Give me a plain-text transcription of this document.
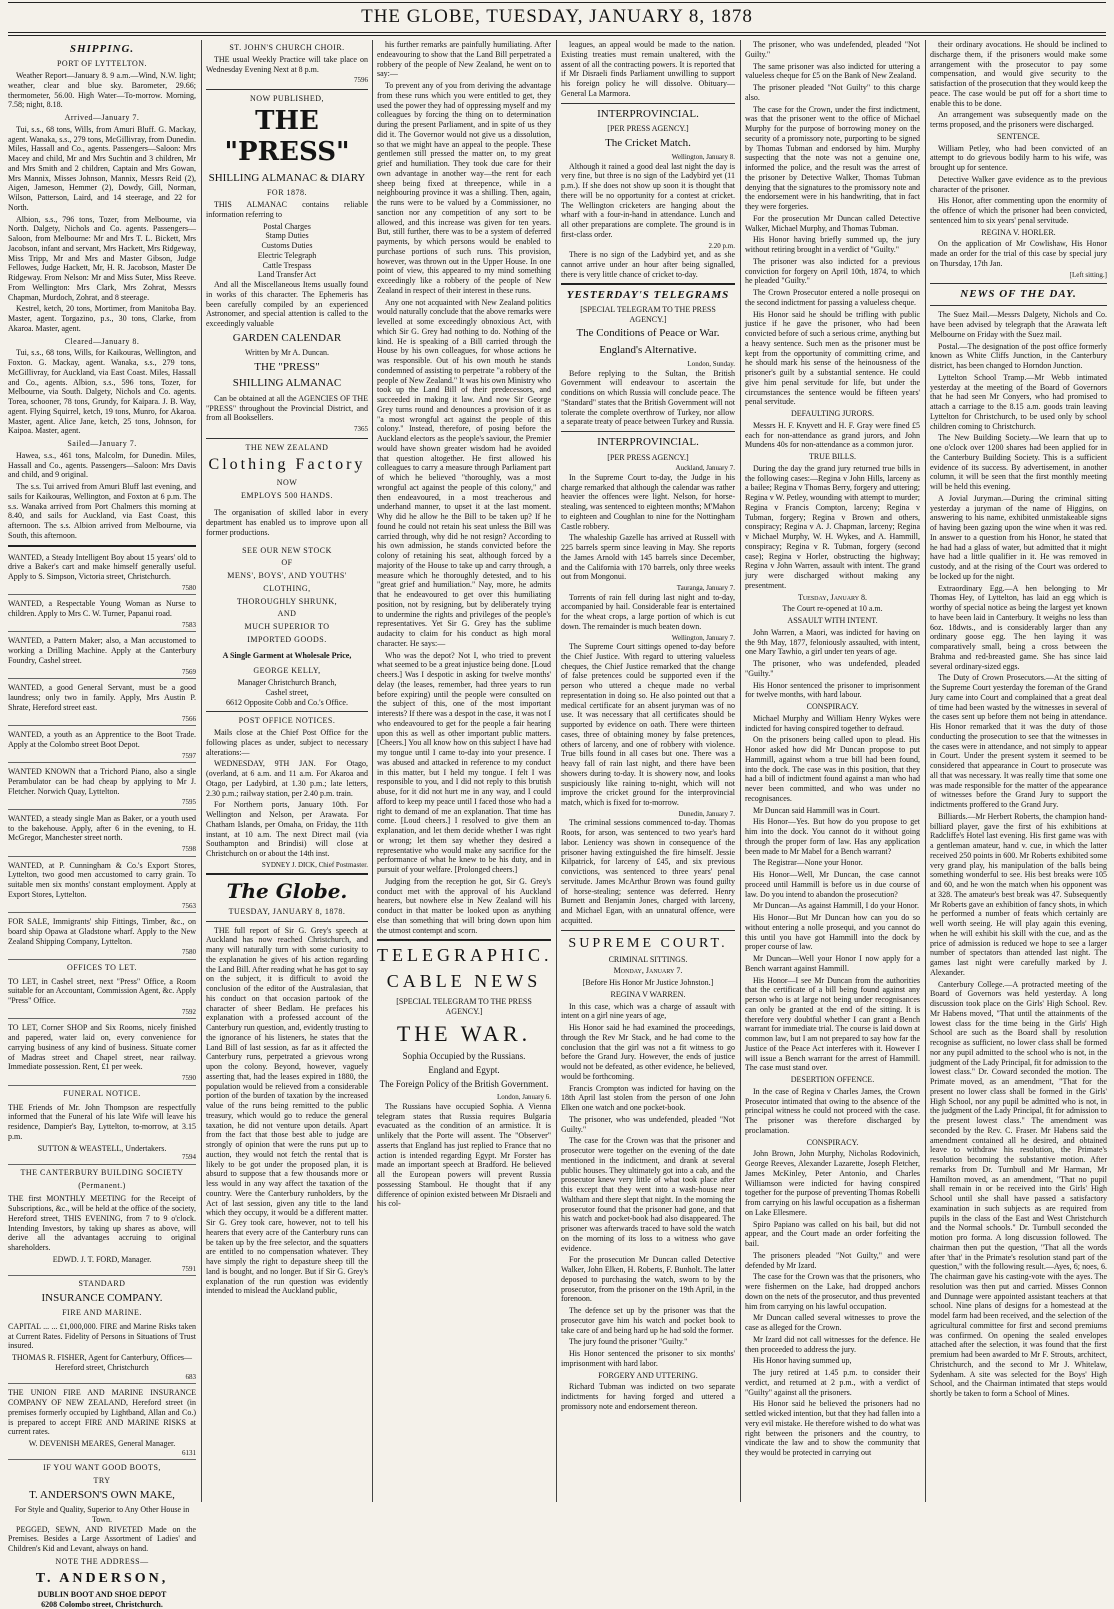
THE GLOBE, TUESDAY, JANUARY 8, 1878
SHIPPING.
PORT OF LYTTELTON.

Weather Report—January 8. 9 a.m.—Wind, N.W. light; weather, clear and blue sky. Barometer, 29.66; thermometer, 56.00. High Water—To-morrow. Morning, 7.58; night, 8.18.

Arrived—January 7.

Tui, s.s., 68 tons, Wills, from Amuri Bluff. G. Mackay, agent. Wanaka, s.s., 279 tons, McGillivray, from Dunedin. Miles, Hassall and Co., agents. Passengers—Saloon: Mrs Macey and child, Mr and Mrs Suchtin and 3 children, Mr and Mrs Smith and 2 children, Captain and Mrs Gowan, Mrs Mannix, Misses Johnson, Mannix, Messrs Reid (2), Aigen, Jameson, Hemmer (2), Dowdy, Gill, Norman, Wilson, Patterson, Laird, and 14 steerage, and 22 for North.

Albion, s.s., 796 tons, Tozer, from Melbourne, via North. Dalgety, Nichols and Co. agents. Passengers—Saloon, from Melbourne: Mr and Mrs T. L. Bickett, Mrs Jacobson, infant and servant, Mrs Hackett, Mrs Ridgeway, Miss Tripp, Mr and Mrs and Master Gibson, Judge Fellowes, Judge Hackett, Mr, H. R. Jacobson, Master De Ridgeway. From Nelson: Mr and Miss Suter, Miss Reeve. From Wellington: Mrs Clark, Mrs Zohrat, Messrs Chapman, Murdoch, Zohrat, and 8 steerage.

Kestrel, ketch, 20 tons, Mortimer, from Manitoba Bay. Master, agent. Torgazino, p.s., 30 tons, Clarke, from Akaroa. Master, agent.

Cleared—January 8.

Tui, s.s., 68 tons, Wills, for Kaikouras, Wellington, and Foxton. G. Mackay, agent. Wanaka, s.s., 279 tons, McGillivray, for Auckland, via East Coast. Miles, Hassall and Co., agents. Albion, s.s., 596 tons, Tozer, for Melbourne, via South. Dalgety, Nichols and Co. agents. Torea, schooner, 78 tons, Grundy, for Kaipara. J. B. Way, agent. Flying Squirrel, ketch, 19 tons, Munro, for Akaroa. Master, agent. Alice Jane, ketch, 25 tons, Johnson, for Kaipoa. Master, agent.

Sailed—January 7.

Hawea, s.s., 461 tons, Malcolm, for Dunedin. Miles, Hassall and Co., agents. Passengers—Saloon: Mrs Davis and child, and 9 original.

The s.s. Tui arrived from Amuri Bluff last evening, and sails for Kaikouras, Wellington, and Foxton at 6 p.m. The s.s. Wanaka arrived from Port Chalmers this morning at 8.40, and sails for Auckland, via East Coast, this afternoon. The s.s. Albion arrived from Melbourne, via South, this afternoon.

WANTED, a Steady Intelligent Boy about 15 years' old to drive a Baker's cart and make himself generally useful. Apply to S. Simpson, Victoria street, Christchurch.

7580

WANTED, a Respectable Young Woman as Nurse to children. Apply to Mrs C. W. Turner, Papanui road.

7583

WANTED, a Pattern Maker; also, a Man accustomed to working a Drilling Machine. Apply at the Canterbury Foundry, Cashel street.

7569

WANTED, a good General Servant, must be a good laundress; only two in family. Apply, Mrs Austin P. Shrate, Hereford street east.

7566

WANTED, a youth as an Apprentice to the Boot Trade. Apply at the Colombo street Boot Depot.

7597

WANTED KNOWN that a Trichord Piano, also a single Perambulator can be had cheap by applying to Mr J. Fletcher. Norwich Quay, Lyttelton.

7595

WANTED, a steady single Man as Baker, or a youth used to the bakehouse. Apply, after 6 in the evening, to H. McGregor, Manchester street north.

7598

WANTED, at P. Cunningham & Co.'s Export Stores, Lyttelton, two good men accustomed to carry grain. To suitable men six months' constant employment. Apply at Export Stores, Lyttelton.

7563

FOR SALE, Immigrants' ship Fittings, Timber, &c., on board ship Opawa at Gladstone wharf. Apply to the New Zealand Shipping Company, Lyttelton.

7580
OFFICES TO LET.

TO LET, in Cashel street, next "Press" Office, a Room suitable for an Accountant, Commission Agent, &c. Apply "Press" Office.

7592

TO LET, Corner SHOP and Six Rooms, nicely finished and papered, water laid on, every convenience for carrying business of any kind of business. Situate corner of Madras street and Chapel street, near railway. Immediate possession. Rent, £1 per week.

7590
FUNERAL NOTICE.

THE Friends of Mr. John Thompson are respectfully informed that the Funeral of his late Wife will leave his residence, Dampier's Bay, Lyttelton, to-morrow, at 3.15 p.m.

SUTTON & WEASTELL, Undertakers.
7594
THE CANTERBURY BUILDING SOCIETY
(Permanent.)

THE first MONTHLY MEETING for the Receipt of Subscriptions, &c., will be held at the office of the society, Hereford street, THIS EVENING, from 7 to 9 o'clock. Intending Investors, by taking up shares as above, will derive all the advantages accruing to original shareholders.

EDWD. J. T. FORD, Manager.
7591
STANDARD
INSURANCE COMPANY.
FIRE AND MARINE.

CAPITAL ... ... £1,000,000. FIRE and Marine Risks taken at Current Rates. Fidelity of Persons in Situations of Trust insured.

THOMAS R. FISHER, Agent for Canterbury, Offices—Hereford street, Christchurch
683

THE UNION FIRE AND MARINE INSURANCE COMPANY OF NEW ZEALAND, Hereford street (in premises formerly occupied by Lightband, Allan and Co.) is prepared to accept FIRE AND MARINE RISKS at current rates.

W. DEVENISH MEARES, General Manager.
6131
IF YOU WANT GOOD BOOTS,
TRY
T. ANDERSON'S OWN MAKE,
For Style and Quality, Superior to Any Other House in Town.

PEGGED, SEWN, AND RIVETED Made on the Premises. Besides a Large Assortment of Ladies' and Children's Kid and Levant, always on hand.

NOTE THE ADDRESS—
T. ANDERSON,
DUBLIN BOOT AND SHOE DEPOT
6208 Colombo street, Christchurch.
ST. JOHN'S CHURCH CHOIR.

THE usual Weekly Practice will take place on Wednesday Evening Next at 8 p.m.

7596
NOW PUBLISHED,
THE "PRESS"
SHILLING ALMANAC & DIARY
FOR 1878.

THIS ALMANAC contains reliable information referring to

Postal Charges
Stamp Duties
Customs Duties
Electric Telegraph
Cattle Trespass
Land Transfer Act

And all the Miscellaneous Items usually found in works of this character. The Ephemeris has been carefully compiled by an experienced Astronomer, and special attention is called to the exceedingly valuable

GARDEN CALENDAR
Written by Mr A. Duncan.
THE "PRESS"
SHILLING ALMANAC

Can be obtained at all the AGENCIES OF THE "PRESS" throughout the Provincial District, and from all Booksellers.

7365
THE NEW ZEALAND
Clothing Factory
NOW
EMPLOYS 500 HANDS.

The organisation of skilled labor in every department has enabled us to improve upon all former productions.

SEE OUR NEW STOCK
OF
MENS', BOYS', AND YOUTHS'
CLOTHING,
THOROUGHLY SHRUNK,
AND
MUCH SUPERIOR TO
IMPORTED GOODS.
A Single Garment at Wholesale Price,
GEORGE KELLY,
Manager Christchurch Branch,
Cashel street,
6612 Opposite Cobb and Co.'s Office.
POST OFFICE NOTICES.

Mails close at the Chief Post Office for the following places as under, subject to necessary alterations:—

WEDNESDAY, 9TH JAN. For Otago, (overland, at 6 a.m. and 11 a.m. For Akaroa and Otago, per Ladybird, at 1.30 p.m.; late letters, 2.30 p.m.; railway station, per 2.40 p.m. train.

For Northern ports, January 10th. For Wellington and Nelson, per Arawata. For Chatham Islands, per Omaha, on Friday, the 11th instant, at 10 a.m. The next Direct mail (via Southampton and Brindisi) will close at Christchurch on or about the 14th inst.

SYDNEY J. DICK, Chief Postmaster.
The Globe.
TUESDAY, JANUARY 8, 1878.

THE full report of Sir G. Grey's speech at Auckland has now reached Christchurch, and many will naturally turn with some curiosity to the explanation he gives of his action regarding the Land Bill. After reading what he has got to say on the subject, it is difficult to avoid the conclusion of the editor of the Australasian, that his conduct on that occasion partook of the character of sheer Bedlam. He prefaces his explanation with a professed account of the Canterbury run question, and, evidently trusting to the ignorance of his listeners, he states that the Land Bill of last session, as far as it affected the Canterbury runs, perpetrated a grievous wrong upon the colony. Beyond, however, vaguely asserting that, had the leases expired in 1880, the population would be relieved from a considerable portion of the burden of taxation by the increased value of the runs being remitted to the public treasury, which would go to reduce the general taxation, he did not venture upon details. Apart from the fact that those best able to judge are strongly of opinion that were the runs put up to auction, they would not fetch the rental that is likely to be got under the proposed plan, it is absurd to suppose that a few thousands more or less would in any way affect the taxation of the country. Were the Canterbury runholders, by the Act of last session, given any title to the land which they occupy, it would be a different matter. Sir G. Grey took care, however, not to tell his hearers that every acre of the Canterbury runs can be taken up by the free selector, and the squatters are entitled to no compensation whatever. They have simply the right to depasture sheep till the land is bought, and no longer. But if Sir G. Grey's explanation of the run question was evidently intended to mislead the Auckland public,

his further remarks are painfully humiliating. After endeavouring to show that the Land Bill perpetrated a robbery of the people of New Zealand, he went on to say:—

To prevent any of you from deriving the advantage from these runs which you were entitled to get, they used the power they had of oppressing myself and my colleagues by forcing the thing on to determination during the present Parliament, and in spite of us they did it. The Governor would not give us a dissolution, so that we might have an appeal to the people. These gentlemen still pressed the matter on, to my great grief and humiliation. They took due care for their own advantage in another way—the rent for each sheep being fixed at threepence, while in a neighbouring province it was a shilling. Then, again, the runs were to be valued by a Commissioner, no sanction nor any competition of any sort to be allowed, and this increase was given for ten years. But, still further, there was to be a system of deferred payments, by which persons would be enabled to purchase portions of such runs. This provision, however, was thrown out in the Upper House. In one point of view, this appeared to my mind something exceedingly like a robbery of the people of New Zealand in respect of their interest in these runs.

Any one not acquainted with New Zealand politics would naturally conclude that the above remarks were levelled at some exceedingly obnoxious Act, with which Sir G. Grey had nothing to do. Nothing of the kind. He is speaking of a Bill carried through the House by his own colleagues, for whose actions he was responsible. Out of his own mouth he stands condemned of assisting to perpetrate "a robbery of the people of New Zealand." It was his own Ministry who took up the Land Bill of their predecessors, and succeeded in making it law. And now Sir George Grey turns round and denounces a provision of it as "a most wrongful act against the people of this colony." Instead, therefore, of posing before the Auckland electors as the people's saviour, the Premier would have shown greater wisdom had he avoided that question altogether. He first allowed his colleagues to carry a measure through Parliament part of which he believed "thoroughly, was a most wrongful act against the people of this colony," and then endeavoured, in a most treacherous and underhand manner, to upset it at the last moment. Why did he allow he the Bill to be taken up? If he found he could not retain his seat unless the Bill was carried through, why did he not resign? According to his own admission, he stands convicted before the colony of retaining his seat, although forced by a majority of the House to take up and carry through, a measure which he thoroughly detested, and to his "great grief and humiliation." Nay, more, he admits that he endeavoured to get over this humiliating position, not by resigning, but by deliberately trying to undermine the rights and privileges of the people's representatives. Yet Sir G. Grey has the sublime audacity to claim for his conduct as high moral character. He says:—

Who was the depot? Not I, who tried to prevent what seemed to be a great injustice being done. [Loud cheers.] Was I despotic in asking for twelve months' delay (the leases, remember, had three years to run before expiring) until the people were consulted on the subject of this, one of the most important interests? If there was a despot in the case, it was not I who endeavoured to get for the people a fair hearing upon this as well as other important public matters. [Cheers.] You all know how on this subject I have had my tongue until I came to-day into your presence. I was abused and attacked in reference to my conduct in this matter, but I held my tongue. I felt I was responsible to you, and I did not reply to this brutish abuse, for it did not hurt me in any way, and I could afford to keep my peace until I faced those who had a right to demand of me an explanation. That time has come. [Loud cheers.] I resolved to give them an explanation, and let them decide whether I was right or wrong; let them say whether they desired a representative who would make any sacrifice for the performance of what he knew to be his duty, and in pursuit of your welfare. [Prolonged cheers.]

Judging from the reception he got, Sir G. Grey's conduct met with the approval of his Auckland hearers, but nowhere else in New Zealand will his conduct in that matter be looked upon as anything else than something that will bring down upon him the utmost contempt and scorn.

TELEGRAPHIC.
CABLE NEWS
[SPECIAL TELEGRAM TO THE PRESS AGENCY.]
THE WAR.
Sophia Occupied by the Russians.
England and Egypt.
The Foreign Policy of the British Government.
London, January 6.

The Russians have occupied Sophia. A Vienna telegram states that Russia requires Bulgaria evacuated as the condition of an armistice. It is unlikely that the Porte will assent. The "Observer" asserts that England has just replied to France that no action is intended regarding Egypt. Mr Forster has made an important speech at Bradford. He believed all the European powers will prevent Russia possessing Stamboul. He thought that if any difference of opinion existed between Mr Disraeli and his col-

leagues, an appeal would be made to the nation. Existing treaties must remain unaltered, with the assent of all the contracting powers. It is reported that if Mr Disraeli finds Parliament unwilling to support his foreign policy he will dissolve. Obituary—General La Marmora.

INTERPROVINCIAL.
[PER PRESS AGENCY.]
The Cricket Match.
Wellington, January 8.

Although it rained a good deal last night the day is very fine, but three is no sign of the Ladybird yet (11 p.m.). If she does not show up soon it is thought that there will be no opportunity for a contest at cricket. The Wellington cricketers are hanging about the wharf with a four-in-hand in attendance. Lunch and all other preparations are complete. The ground is in first-class order.

2.20 p.m.

There is no sign of the Ladybird yet, and as she cannot arrive under an hour after being signalled, there is very little chance of cricket to-day.

YESTERDAY'S TELEGRAMS
[SPECIAL TELEGRAM TO THE PRESS AGENCY.]
The Conditions of Peace or War.
England's Alternative.
London, Sunday.

Before replying to the Sultan, the British Government will endeavour to ascertain the conditions on which Russia will conclude peace. The "Standard" states that the British Government will not tolerate the complete overthrow of Turkey, nor allow a separate treaty of peace between Turkey and Russia.

INTERPROVINCIAL.
[PER PRESS AGENCY.]
Auckland, January 7.

In the Supreme Court to-day, the Judge in his charge remarked that although the calendar was rather heavier the offences were light. Nelson, for horse-stealing, was sentenced to eighteen months; M'Mahon to eighteen and Coughlan to nine for the Nottingham Castle robbery.

The whaleship Gazelle has arrived at Russell with 225 barrels sperm since leaving in May. She reports the James Arnold with 145 barrels since December, and the California with 170 barrels, only three weeks out from Mongonui.

Tauranga, January 7.

Torrents of rain fell during last night and to-day, accompanied by hail. Considerable fear is entertained for the wheat crops, a large portion of which is cut down. The remainder is much beaten down.

Wellington, January 7.

The Supreme Court sittings opened to-day before the Chief Justice. With regard to uttering valueless cheques, the Chief Justice remarked that the change of false pretences could be supported even if the person who uttered a cheque made no verbal representation in doing so. He also pointed out that a medical certificate for an absent juryman was of no use. It was necessary that all certificates should be supported by evidence on oath. There were thirteen cases, three of obtaining money by false pretences, others of larceny, and one of robbery with violence. True bills found in all cases but one. There was a heavy fall of rain last night, and there have been showers during to-day. It is showery now, and looks suspiciously like raining to-night, which will not improve the cricket ground for the interprovincial match, which is fixed for to-morrow.

Dunedin, January 7.

The criminal sessions commenced to-day. Thomas Roots, for arson, was sentenced to two year's hard labor. Leniency was shown in consequence of the prisoner having extinguished the fire himself. Jessie Kilpatrick, for larceny of £45, and six previous convictions, was sentenced to three years' penal servitude. James McArthur Brown was found guilty of horse-stealing; sentence was deferred. Henry Burnett and Benjamin Jones, charged with larceny, and Michael Egan, with an unnatural offence, were acquitted.

SUPREME COURT.
CRIMINAL SITTINGS.
Monday, January 7.
[Before His Honor Mr Justice Johnston.]
REGINA V WARREN.

In this case, which was a charge of assault with intent on a girl nine years of age,

His Honor said he had examined the proceedings, through the Rev Mr Stack, and he had come to the conclusion that the girl was not a fit witness to go before the Grand Jury. However, the ends of justice would not be defeated, as other evidence, he believed, would be forthcoming.

Francis Crompton was indicted for having on the 18th April last stolen from the person of one John Elken one watch and one pocket-book.

The prisoner, who was undefended, pleaded "Not Guilty."

The case for the Crown was that the prisoner and prosecutor were together on the evening of the date mentioned in the indictment, and drank at several public houses. They ultimately got into a cab, and the prosecutor knew very little of what took place after this except that they went into a wash-house near Waltham and there slept that night. In the morning the prosecutor found that the prisoner had gone, and that his watch and pocket-book had also disappeared. The prisoner was afterwards traced to have sold the watch on the morning of its loss to a witness who gave evidence.

For the prosecution Mr Duncan called Detective Walker, John Elken, H. Roberts, F. Bunholt. The latter deposed to purchasing the watch, sworn to by the prosecutor, from the prisoner on the 19th April, in the forenoon.

The defence set up by the prisoner was that the prosecutor gave him his watch and pocket book to take care of and being hard up he had sold the former.

The jury found the prisoner "Guilty."

His Honor sentenced the prisoner to six months' imprisonment with hard labor.

FORGERY AND UTTERING.

Richard Tubman was indicted on two separate indictments for having forged and uttered a promissory note and endorsement thereon.

The prisoner, who was undefended, pleaded "Not Guilty."

The same prisoner was also indicted for uttering a valueless cheque for £5 on the Bank of New Zealand.

The prisoner pleaded "Not Guilty" to this charge also.

The case for the Crown, under the first indictment, was that the prisoner went to the office of Michael Murphy for the purpose of borrowing money on the security of a promissory note, purporting to be signed by Thomas Tubman and endorsed by him. Murphy suspecting that the note was not a genuine one, informed the police, and the result was the arrest of the prisoner by Detective Walker, Thomas Tubman denying that the signatures to the promissory note and the endorsement were in his handwriting, that in fact they were forgeries.

For the prosecution Mr Duncan called Detective Walker, Michael Murphy, and Thomas Tubman.

His Honor having briefly summed up, the jury without retiring brought in a verdict of "Guilty."

The prisoner was also indicted for a previous conviction for forgery on April 10th, 1874, to which he pleaded "Guilty."

The Crown Prosecutor entered a nolle prosequi on the second indictment for passing a valueless cheque.

His Honor said he should be trifling with public justice if he gave the prisoner, who had been convicted before of such a serious crime, anything but a heavy sentence. Such men as the prisoner must be kept from the opportunity of committing crime, and he should mark his sense of the heinousness of the prisoner's guilt by a substantial sentence. He could give him penal servitude for life, but under the circumstances the sentence would be fifteen years' penal servitude.

DEFAULTING JURORS.

Messrs H. F. Knyvett and H. F. Gray were fined £5 each for non-attendance as grand jurors, and John Mundens 40s for non-attendance as a common juror.

TRUE BILLS.

During the day the grand jury returned true bills in the following cases:—Regina v John Hills, larceny as a bailee; Regina v Thomas Berry, forgery and uttering; Regina v W. Petley, wounding with attempt to murder; Regina v Francis Compton, larceny; Regina v Tubman, forgery; Regina v Brown and others, conspiracy; Regina v A. J. Chapman, larceny; Regina v Michael Murphy, W. H. Wykes, and A. Hammill, conspiracy; Regina v R. Tubman, forgery (second case); Regina v Horler, obstructing the highway; Regina v John Warren, assault with intent. The grand jury were discharged without making any presentment.

Tuesday, January 8.
The Court re-opened at 10 a.m.
ASSAULT WITH INTENT.

John Warren, a Maori, was indicted for having on the 9th May, 1877, feloniously assaulted, with intent, one Mary Tawhio, a girl under ten years of age.

The prisoner, who was undefended, pleaded "Guilty."

His Honor sentenced the prisoner to imprisonment for twelve months, with hard labour.

CONSPIRACY.

Michael Murphy and William Henry Wykes were indicted for having conspired together to defraud.

On the prisoners being called upon to plead. His Honor asked how did Mr Duncan propose to put Hammill, against whom a true bill had been found, into the dock. The case was in this position, that they had a bill of indictment found against a man who had never been committed, and who was under no recognisances.

Mr Duncan said Hammill was in Court.

His Honor—Yes. But how do you propose to get him into the dock. You cannot do it without going through the proper form of law. Has any application been made to Mr Mabel for a Bench warrant?

The Registrar—None your Honor.

His Honor—Well, Mr Duncan, the case cannot proceed until Hammill is before us in due course of law. Do you intend to abandon the prosecution?

Mr Duncan—As against Hammill, I do your Honor.

His Honor—But Mr Duncan how can you do so without entering a nolle prosequi, and you cannot do this until you have got Hammill into the dock by proper course of law.

Mr Duncan—Well your Honor I now apply for a Bench warrant against Hammill.

His Honor—I see Mr Duncan from the authorities that the certificate of a bill being found against any person who is at large not being under recognisances can only be granted at the end of the sitting. It is therefore very doubtful whether I can grant a Bench warrant for immediate trial. The course is laid down at common law, but I am not prepared to say how far the Justice of the Peace Act interferes with it. However I will issue a Bench warrant for the arrest of Hammill. The case must stand over.

DESERTION OFFENCE.

In the case of Regina v Charles James, the Crown Prosecutor intimated that owing to the absence of the principal witness he could not proceed with the case. The prisoner was therefore discharged by proclamation.

CONSPIRACY.

John Brown, John Murphy, Nicholas Rodovinich, George Reeves, Alexander Lazarette, Joseph Fletcher, James McKinley, Peter Antonio, and Charles Williamson were indicted for having conspired together for the purpose of preventing Thomas Robelli from carrying on his lawful occupation as a fisherman on Lake Ellesmere.

Spiro Papiano was called on his bail, but did not appear, and the Court made an order forfeiting the bail.

The prisoners pleaded "Not Guilty," and were defended by Mr Izard.

The case for the Crown was that the prisoners, who were fishermen on the Lake, had dropped anchors down on the nets of the prosecutor, and thus prevented him from carrying on his lawful occupation.

Mr Duncan called several witnesses to prove the case as alleged for the Crown.

Mr Izard did not call witnesses for the defence. He then proceeded to address the jury.

His Honor having summed up,

The jury retired at 1.45 p.m. to consider their verdict, and returned at 2 p.m., with a verdict of "Guilty" against all the prisoners.

His Honor said he believed the prisoners had no settled wicked intention, but that they had fallen into a very evil mistake. He therefore wished to do what was right between the prisoners and the country, to vindicate the law and to show the community that they would be protected in carrying out

their ordinary avocations. He should be inclined to discharge them, if the prisoners would make some arrangement with the prosecutor to pay some compensation, and would give security to the satisfaction of the prosecution that they would keep the peace. The case would be put off for a short time to enable this to be done.

An arrangement was subsequently made on the terms proposed, and the prisoners were discharged.

SENTENCE.

William Petley, who had been convicted of an attempt to do grievous bodily harm to his wife, was brought up for sentence.

Detective Walker gave evidence as to the previous character of the prisoner.

His Honor, after commenting upon the enormity of the offence of which the prisoner had been convicted, sentenced him to six years' penal servitude.

REGINA V. HORLER.

On the application of Mr Cowlishaw, His Honor made an order for the trial of this case by special jury on Thursday, 17th Jan.

[Left sitting.]
NEWS OF THE DAY.

The Suez Mail.—Messrs Dalgety, Nichols and Co. have been advised by telegraph that the Arawata left Melbourne on Friday with the Suez mail.

Postal.—The designation of the post office formerly known as White Cliffs Junction, in the Canterbury district, has been changed to Horndon Junction.

Lyttelton School Tramp.—Mr Webb intimated yesterday at the meeting of the Board of Governors that he had seen Mr Conyers, who had promised to attach a carriage to the 8.15 a.m. goods train leaving Lyttelton for Christchurch, to be used only by school children coming to Christchurch.

The New Building Society.—We learn that up to one o'clock over 1200 shares had been applied for in the Canterbury Building Society. This is a sufficient evidence of its success. By advertisement, in another column, it will be seen that the first monthly meeting will be held this evening.

A Jovial Juryman.—During the criminal sitting yesterday a juryman of the name of Higgins, on answering to his name, exhibited unmistakeable signs of having been gazing upon the wine when it was red. In answer to a question from his Honor, he stated that he had had a glass of water, but admitted that it might have had a little qualifier in it. He was removed in custody, and at the rising of the Court was ordered to be locked up for the night.

Extraordinary Egg.—A hen belonging to Mr Thomas Hey, of Lyttelton, has laid an egg which is worthy of special notice as being the largest yet known to have been laid in Canterbury. It weighs no less than 6oz. 18dwts., and is considerably larger than any ordinary goose egg. The hen laying it was comparatively small, being a cross between the Brahma and red-breasted game. She has since laid several ordinary-sized eggs.

The Duty of Crown Prosecutors.—At the sitting of the Supreme Court yesterday the foreman of the Grand Jury came into Court and complained that a great deal of time had been wasted by the witnesses in several of the cases sent up before them not being in attendance. His Honor remarked that it was the duty of those conducting the prosecution to see that the witnesses in the cases were in attendance, and not simply to appear in Court. Under the present system it seemed to be considered that appearance in Court to prosecute was all that was necessary. It was really time that some one was made responsible for the matter of the appearance of witnesses before the Grand Jury to support the indictments proffered to the Grand Jury.

Billiards.—Mr Herbert Roberts, the champion hand-billiard player, gave the first of his exhibitions at Radcliffe's Hotel last evening. His first game was with a gentleman amateur, hand v. cue, in which the latter received 250 points in 600. Mr Roberts exhibited some very grand play, his manipulation of the balls being something wonderful to see. His best breaks were 105 and 60, and he won the match when his opponent was at 328. The amateur's best break was 47. Subsequently Mr Roberts gave an exhibition of fancy shots, in which he performed a number of feats which certainly are well worth seeing. He will play again this evening, when he will exhibit his skill with the cue, and as the price of admission is reduced we hope to see a larger number of spectators than attended last night. The games last night were carefully marked by J. Alexander.

Canterbury College.—A protracted meeting of the Board of Governors was held yesterday. A long discussion took place on the Girls' High School. Rev. Mr Habens moved, "That until the attainments of the lowest class for the time being in the Girls' High School are such as the Board shall by resolution recognise as sufficient, no lower class shall be formed nor any pupil admitted to the school who is not, in the judgment of the Lady Principal, fit for admission to the lowest class." Dr. Coward seconded the motion. The Primate moved, as an amendment, "That for the present no lower class shall be formed in the Girls' High School, nor any pupil be admitted who is not, in the judgment of the Lady Principal, fit for admission to the present lowest class." The amendment was seconded by the Rev. C. Fraser. Mr Habens said the amendment contained all he desired, and obtained leave to withdraw his resolution, the Primate's resolution becoming the substantive motion. After remarks from Dr. Turnbull and Mr Harman, Mr Hamilton moved, as an amendment, "That no pupil shall remain in or be received into the Girls' High School until she shall have passed a satisfactory examination in such subjects as are required from pupils in the class of the East and West Christchurch and the Normal schools." Dr. Turnbull seconded the motion pro forma. A long discussion followed. The chairman then put the question, "That all the words after 'that' in the Primate's resolution stand part of the question," with the following result.—Ayes, 6; noes, 6. The chairman gave his casting-vote with the ayes. The resolution was then put and carried. Misses Connon and Dunnage were appointed assistant teachers at that school. Nine plans of designs for a homestead at the model farm had been received, and the selection of the agricultural committee for first and second premiums was confirmed. On opening the sealed envelopes attached after the selection, it was found that the first premium had been awarded to Mr F. Strouts, architect, Christchurch, and the second to Mr J. Whitelaw, Sydenham. A site was selected for the Boys' High School, and the Chairman intimated that steps would shortly be taken to form a School of Mines.
